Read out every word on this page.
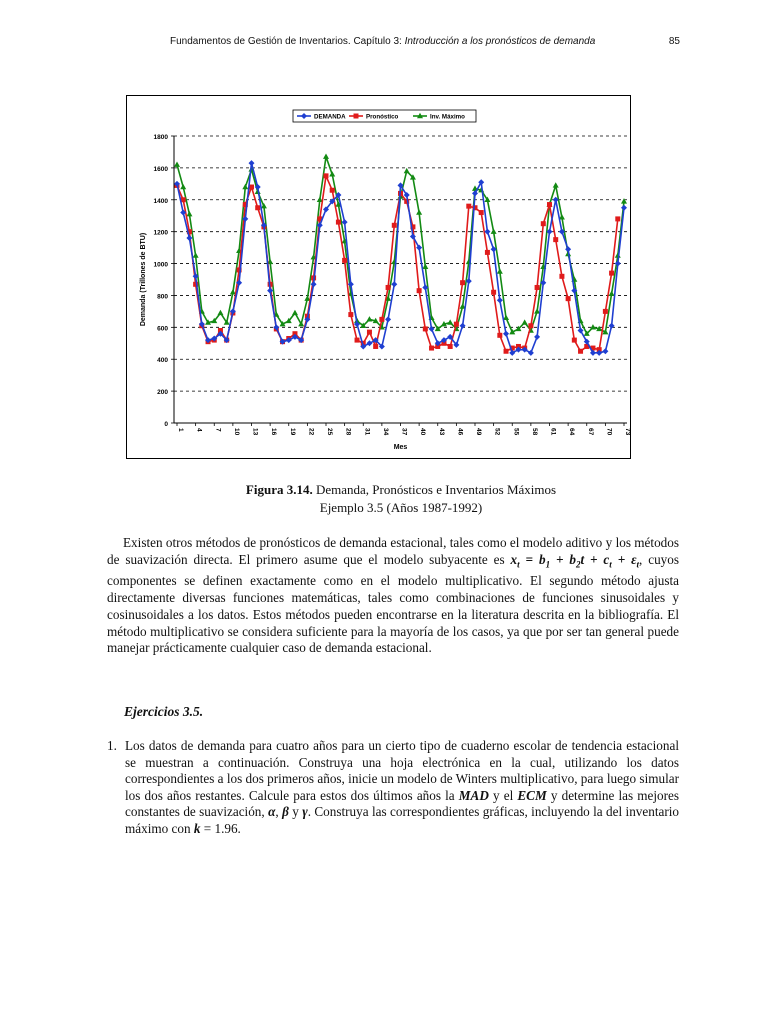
Fundamentos de Gestión de Inventarios. Capítulo 3: Introducción a los pronósticos de demanda	85
0
200
400
600
800
1000
1200
1400
1600
1800
1 4 7 10 13 16 19 22 25 28 31 34 37 40 43 46 49 52 55 58 61 64 67 70 73
DEMANDA	Pronóstico	Inv. Máximo
Mes
Demanda (Trillones de BTU)
Figura 3.14. Demanda, Pronósticos e Inventarios Máximos
Ejemplo 3.5 (Años 1987-1992)
Existen otros métodos de pronósticos de demanda estacional, tales como el modelo aditivo y los métodos de suavización directa. El primero asume que el modelo subyacente es $x_t = b_1 + b_2t + c_t + \varepsilon_t$, cuyos componentes se definen exactamente como en el modelo multiplicativo. El segundo método ajusta directamente diversas funciones matemáticas, tales como combinaciones de funciones sinusoidales y cosinusoidales a los datos. Estos métodos pueden encontrarse en la literatura descrita en la bibliografía. El método multiplicativo se considera suficiente para la mayoría de los casos, ya que por ser tan general puede manejar prácticamente cualquier caso de demanda estacional.
Ejercicios 3.5.
1. Los datos de demanda para cuatro años para un cierto tipo de cuaderno escolar de tendencia estacional se muestran a continuación. Construya una hoja electrónica en la cual, utilizando los datos correspondientes a los dos primeros años, inicie un modelo de Winters multiplicativo, para luego simular los dos años restantes. Calcule para estos dos últimos años la MAD y el ECM y determine las mejores constantes de suavización, α, β y γ. Construya las correspondientes gráficas, incluyendo la del inventario máximo con k = 1.96.
